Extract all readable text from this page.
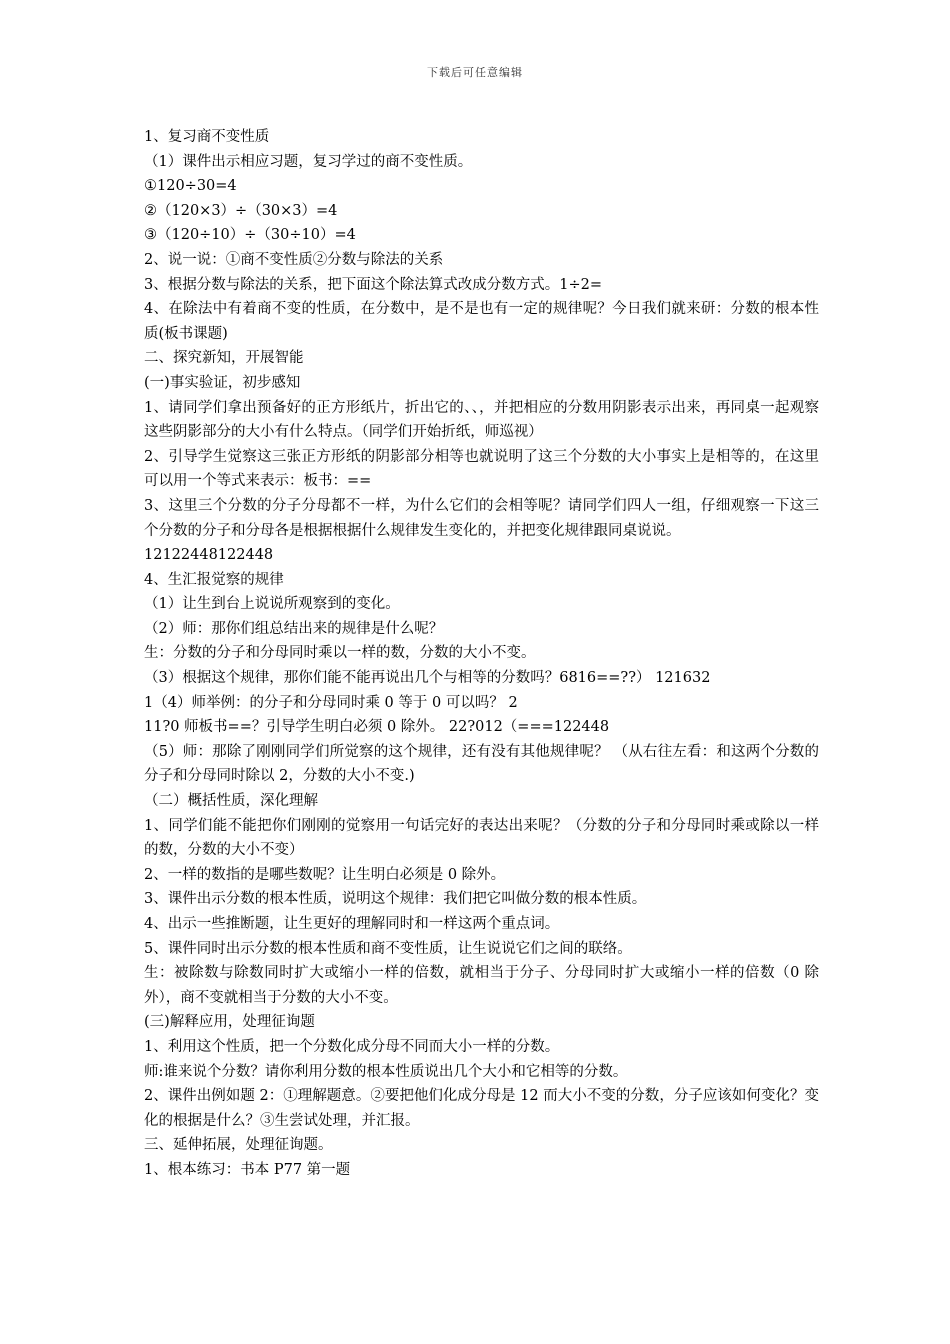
下载后可任意编辑

1、复习商不变性质

（1）课件出示相应习题，复习学过的商不变性质。

①120÷30=4

②（120×3）÷（30×3）=4

③（120÷10）÷（30÷10）=4

2、说一说：①商不变性质②分数与除法的关系

3、根据分数与除法的关系，把下面这个除法算式改成分数方式。1÷2=

4、在除法中有着商不变的性质，在分数中，是不是也有一定的规律呢？今日我们就来研：分数的根本性质(板书课题)

二、探究新知，开展智能

(一)事实验证，初步感知

1、请同学们拿出预备好的正方形纸片，折出它的、、，并把相应的分数用阴影表示出来，再同桌一起观察这些阴影部分的大小有什么特点。（同学们开始折纸，师巡视）

2、引导学生觉察这三张正方形纸的阴影部分相等也就说明了这三个分数的大小事实上是相等的，在这里可以用一个等式来表示：板书：==

3、这里三个分数的分子分母都不一样，为什么它们的会相等呢？请同学们四人一组，仔细观察一下这三个分数的分子和分母各是根据根据什么规律发生变化的，并把变化规律跟同桌说说。

12122448122448

4、生汇报觉察的规律

（1）让生到台上说说所观察到的变化。

（2）师：那你们组总结出来的规律是什么呢？

生：分数的分子和分母同时乘以一样的数，分数的大小不变。

（3）根据这个规律，那你们能不能再说出几个与相等的分数吗？6816==??） 121632

1（4）师举例：的分子和分母同时乘 0 等于 0 可以吗？ 2

11?0 师板书==？引导学生明白必须 0 除外。 22?012（===122448

（5）师：那除了刚刚同学们所觉察的这个规律，还有没有其他规律呢？ （从右往左看：和这两个分数的分子和分母同时除以 2，分数的大小不变.)

（二）概括性质，深化理解

1、同学们能不能把你们刚刚的觉察用一句话完好的表达出来呢？（分数的分子和分母同时乘或除以一样的数，分数的大小不变）

2、一样的数指的是哪些数呢？让生明白必须是 0 除外。

3、课件出示分数的根本性质，说明这个规律：我们把它叫做分数的根本性质。

4、出示一些推断题，让生更好的理解同时和一样这两个重点词。

5、课件同时出示分数的根本性质和商不变性质，让生说说它们之间的联络。

生：被除数与除数同时扩大或缩小一样的倍数，就相当于分子、分母同时扩大或缩小一样的倍数（0 除外），商不变就相当于分数的大小不变。

(三)解释应用，处理征询题

1、利用这个性质，把一个分数化成分母不同而大小一样的分数。

师:谁来说个分数？请你利用分数的根本性质说出几个大小和它相等的分数。

2、课件出例如题 2：①理解题意。②要把他们化成分母是 12 而大小不变的分数，分子应该如何变化？变化的根据是什么？③生尝试处理，并汇报。

三、延伸拓展，处理征询题。

1、根本练习：书本 P77 第一题
